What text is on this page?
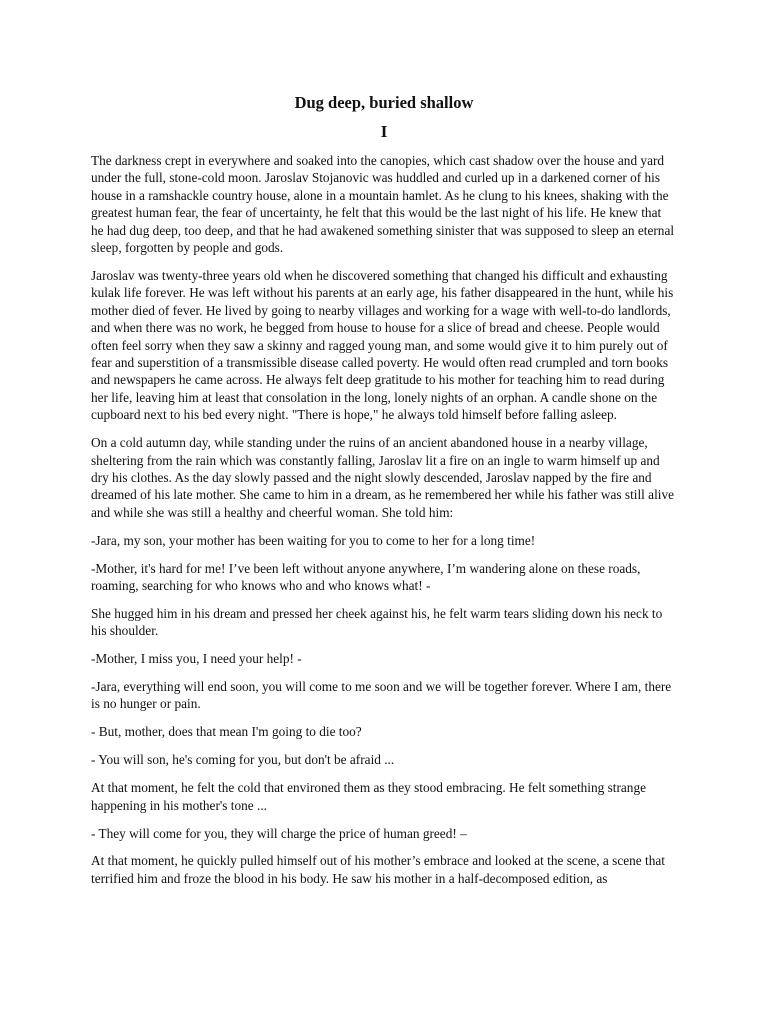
Dug deep, buried shallow
I

The darkness crept in everywhere and soaked into the canopies, which cast shadow over the house and yard under the full, stone-cold moon. Jaroslav Stojanovic was huddled and curled up in a darkened corner of his house in a ramshackle country house, alone in a mountain hamlet. As he clung to his knees, shaking with the greatest human fear, the fear of uncertainty, he felt that this would be the last night of his life. He knew that he had dug deep, too deep, and that he had awakened something sinister that was supposed to sleep an eternal sleep, forgotten by people and gods.

Jaroslav was twenty-three years old when he discovered something that changed his difficult and exhausting kulak life forever. He was left without his parents at an early age, his father disappeared in the hunt, while his mother died of fever. He lived by going to nearby villages and working for a wage with well-to-do landlords, and when there was no work, he begged from house to house for a slice of bread and cheese. People would often feel sorry when they saw a skinny and ragged young man, and some would give it to him purely out of fear and superstition of a transmissible disease called poverty. He would often read crumpled and torn books and newspapers he came across. He always felt deep gratitude to his mother for teaching him to read during her life, leaving him at least that consolation in the long, lonely nights of an orphan. A candle shone on the cupboard next to his bed every night. "There is hope," he always told himself before falling asleep.

On a cold autumn day, while standing under the ruins of an ancient abandoned house in a nearby village, sheltering from the rain which was constantly falling, Jaroslav lit a fire on an ingle to warm himself up and dry his clothes. As the day slowly passed and the night slowly descended, Jaroslav napped by the fire and dreamed of his late mother. She came to him in a dream, as he remembered her while his father was still alive and while she was still a healthy and cheerful woman. She told him:

-Jara, my son, your mother has been waiting for you to come to her for a long time!

-Mother, it's hard for me! I’ve been left without anyone anywhere, I’m wandering alone on these roads, roaming, searching for who knows who and who knows what! -

She hugged him in his dream and pressed her cheek against his, he felt warm tears sliding down his neck to his shoulder.

-Mother, I miss you, I need your help! -

-Jara, everything will end soon, you will come to me soon and we will be together forever. Where I am, there is no hunger or pain.

- But, mother, does that mean I'm going to die too?

- You will son, he's coming for you, but don't be afraid ...

At that moment, he felt the cold that environed them as they stood embracing. He felt something strange happening in his mother's tone ...

- They will come for you, they will charge the price of human greed! –

At that moment, he quickly pulled himself out of his mother’s embrace and looked at the scene, a scene that terrified him and froze the blood in his body. He saw his mother in a half-decomposed edition, as
